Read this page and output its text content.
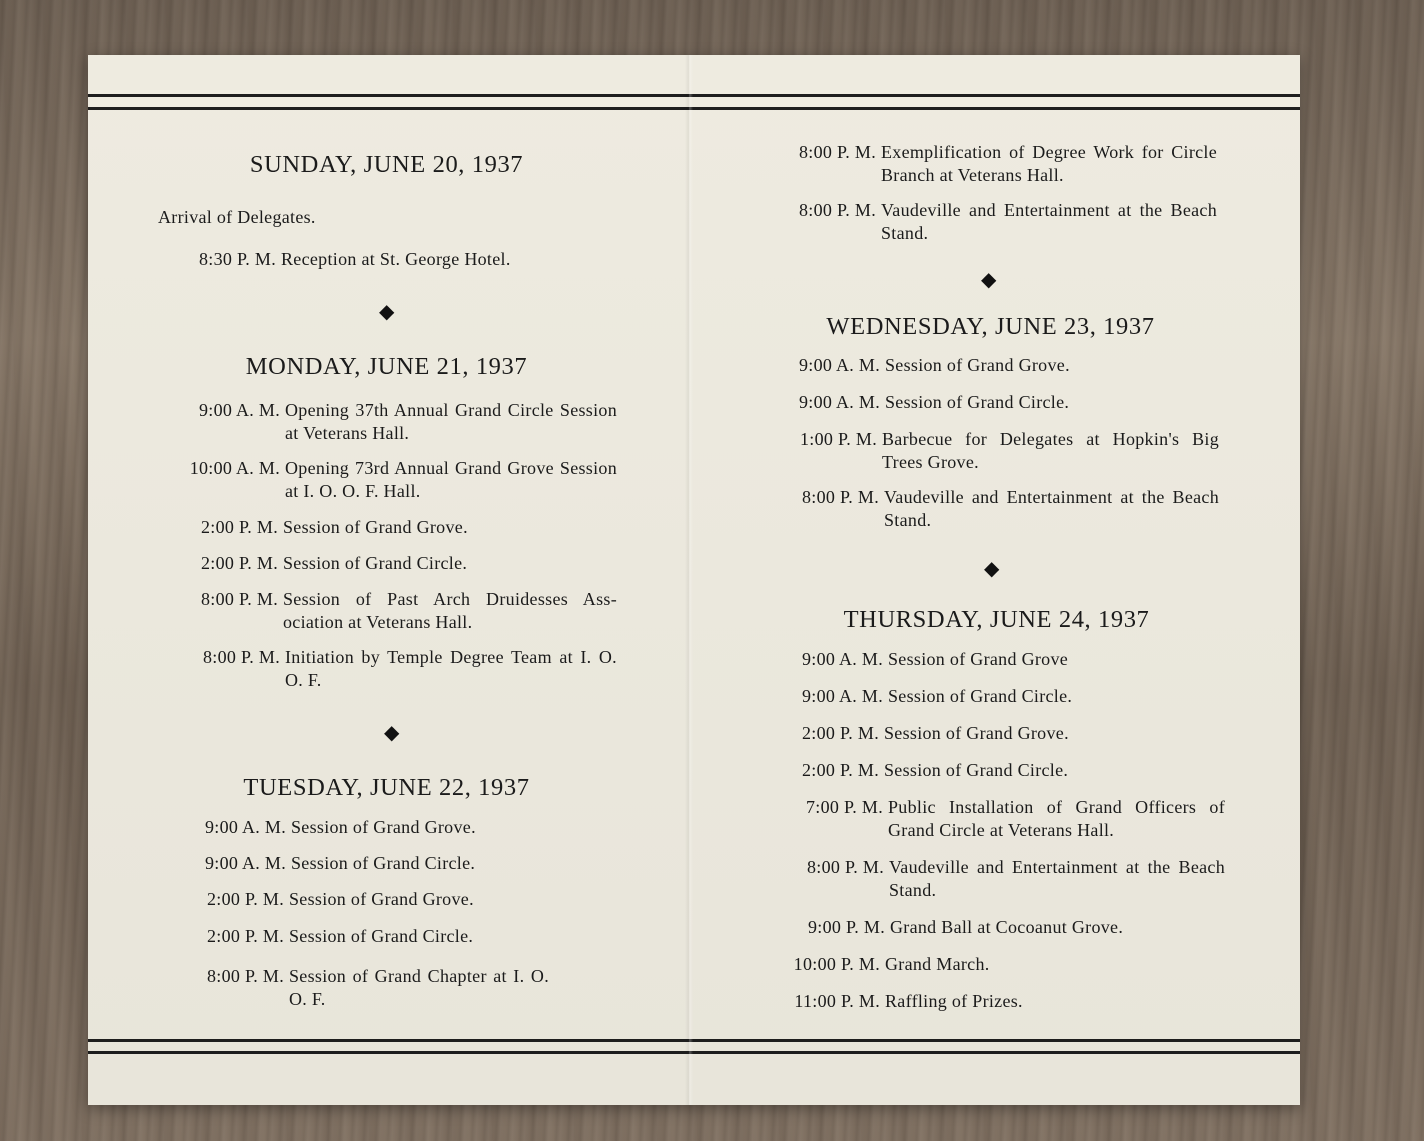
SUNDAY, JUNE 20, 1937
Arrival of Delegates.
8:30 P. M. Reception at St. George Hotel.
◆
MONDAY, JUNE 21, 1937
9:00 A. M. Opening 37th Annual Grand Circle Session at Veterans Hall.
10:00 A. M. Opening 73rd Annual Grand Grove Session at I. O. O. F. Hall.
2:00 P. M. Session of Grand Grove.
2:00 P. M. Session of Grand Circle.
8:00 P. M. Session of Past Arch Druidesses Ass- ociation at Veterans Hall.
8:00 P. M. Initiation by Temple Degree Team at I. O. O. F.
◆
TUESDAY, JUNE 22, 1937
9:00 A. M. Session of Grand Grove.
9:00 A. M. Session of Grand Circle.
2:00 P. M. Session of Grand Grove.
2:00 P. M. Session of Grand Circle.
8:00 P. M. Session of Grand Chapter at I. O. O. F.
8:00 P. M. Exemplification of Degree Work for Circle Branch at Veterans Hall.
8:00 P. M. Vaudeville and Entertainment at the Beach Stand.
◆
WEDNESDAY, JUNE 23, 1937
9:00 A. M. Session of Grand Grove.
9:00 A. M. Session of Grand Circle.
1:00 P. M. Barbecue for Delegates at Hopkin's Big Trees Grove.
8:00 P. M. Vaudeville and Entertainment at the Beach Stand.
◆
THURSDAY, JUNE 24, 1937
9:00 A. M. Session of Grand Grove
9:00 A. M. Session of Grand Circle.
2:00 P. M. Session of Grand Grove.
2:00 P. M. Session of Grand Circle.
7:00 P. M. Public Installation of Grand Officers of Grand Circle at Veterans Hall.
8:00 P. M. Vaudeville and Entertainment at the Beach Stand.
9:00 P. M. Grand Ball at Cocoanut Grove.
10:00 P. M. Grand March.
11:00 P. M. Raffling of Prizes.
